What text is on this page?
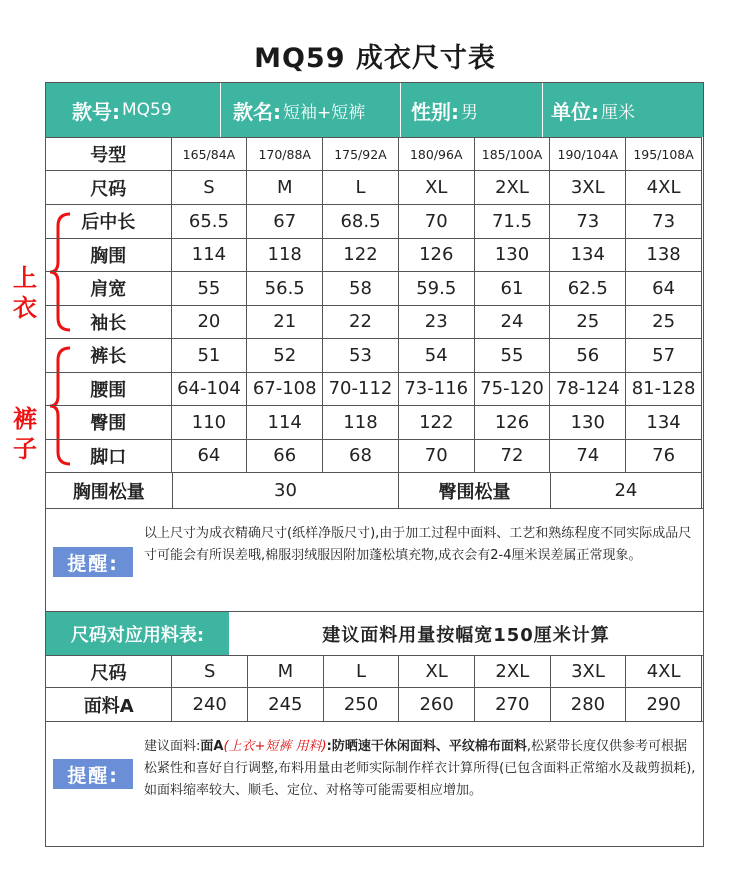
MQ59 成衣尺寸表
上衣
裤子
款号: MQ59	款名: 短袖+短裤 性别: 男	单位: 厘米
号型	165/84A	170/88A	175/92A	180/96A	185/100A	190/104A	195/108A
尺码	S	M	L	XL	2XL	3XL	4XL
后中长	65.5	67	68.5	70	71.5	73	73
胸围	114	118	122	126	130	134	138
肩宽	55	56.5	58	59.5	61	62.5	64
袖长	20	21	22	23	24	25	25
裤长	51	52	53	54	55	56	57
腰围	64-104	67-108	70-112	73-116	75-120	78-124	81-128
臀围	110	114	118	122	126	130	134
脚口	64	66	68	70	72	74	76
胸围松量	30	臀围松量	24
提醒:
以上尺寸为成衣精确尺寸(纸样净版尺寸),由于加工过程中面料、工艺和熟练程度不同实际成品尺寸可能会有所误差哦,棉服羽绒服因附加蓬松填充物,成衣会有2-4厘米误差属正常现象。
尺码对应用料表:	建议面料用量按幅宽150厘米计算
尺码	S	M	L	XL	2XL	3XL	4XL
面料A	240	245	250	260	270	280	290
提醒:
建议面料:面A(上衣+短裤 用料):防晒速干休闲面料、平纹棉布面料,松紧带长度仅供参考可根据松紧性和喜好自行调整,布料用量由老师实际制作样衣计算所得(已包含面料正常缩水及裁剪损耗),如面料缩率较大、顺毛、定位、对格等可能需要相应增加。
